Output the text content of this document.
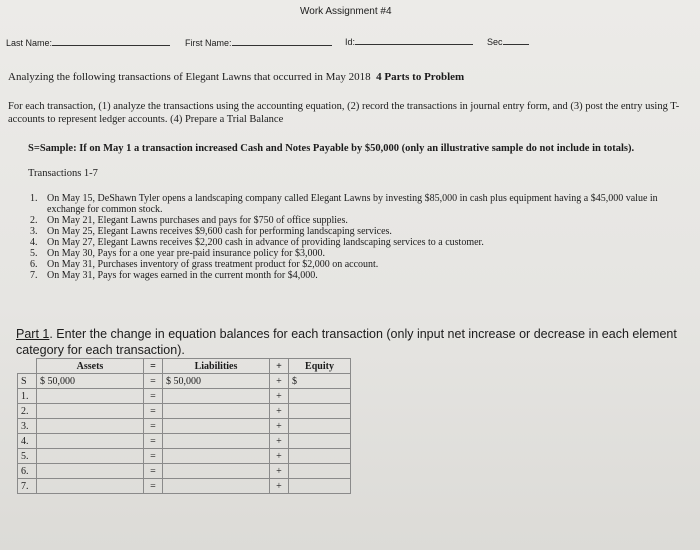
Work Assignment #4
Last Name:	First Name:	Id:	Sec
Analyzing the following transactions of Elegant Lawns that occurred in May 2018 4 Parts to Problem
For each transaction, (1) analyze the transactions using the accounting equation, (2) record the transactions in journal entry form, and (3) post the entry using T-accounts to represent ledger accounts. (4) Prepare a Trial Balance
S=Sample: If on May 1 a transaction increased Cash and Notes Payable by $50,000 (only an illustrative sample do not include in totals).
Transactions 1-7
1. On May 15, DeShawn Tyler opens a landscaping company called Elegant Lawns by investing $85,000 in cash plus equipment having a $45,000 value in exchange for common stock.
2. On May 21, Elegant Lawns purchases and pays for $750 of office supplies.
3. On May 25, Elegant Lawns receives $9,600 cash for performing landscaping services.
4. On May 27, Elegant Lawns receives $2,200 cash in advance of providing landscaping services to a customer.
5. On May 30, Pays for a one year pre-paid insurance policy for $3,000.
6. On May 31, Purchases inventory of grass treatment product for $2,000 on account.
7. On May 31, Pays for wages earned in the current month for $4,000.
Part 1. Enter the change in equation balances for each transaction (only input net increase or decrease in each element category for each transaction).
	Assets	=	Liabilities	+	Equity
S	$ 50,000	=	$ 50,000	+	$
1.		=		+	
2.		=		+	
3.		=		+	
4.		=		+	
5.		=		+	
6.		=		+	
7.		=		+	
